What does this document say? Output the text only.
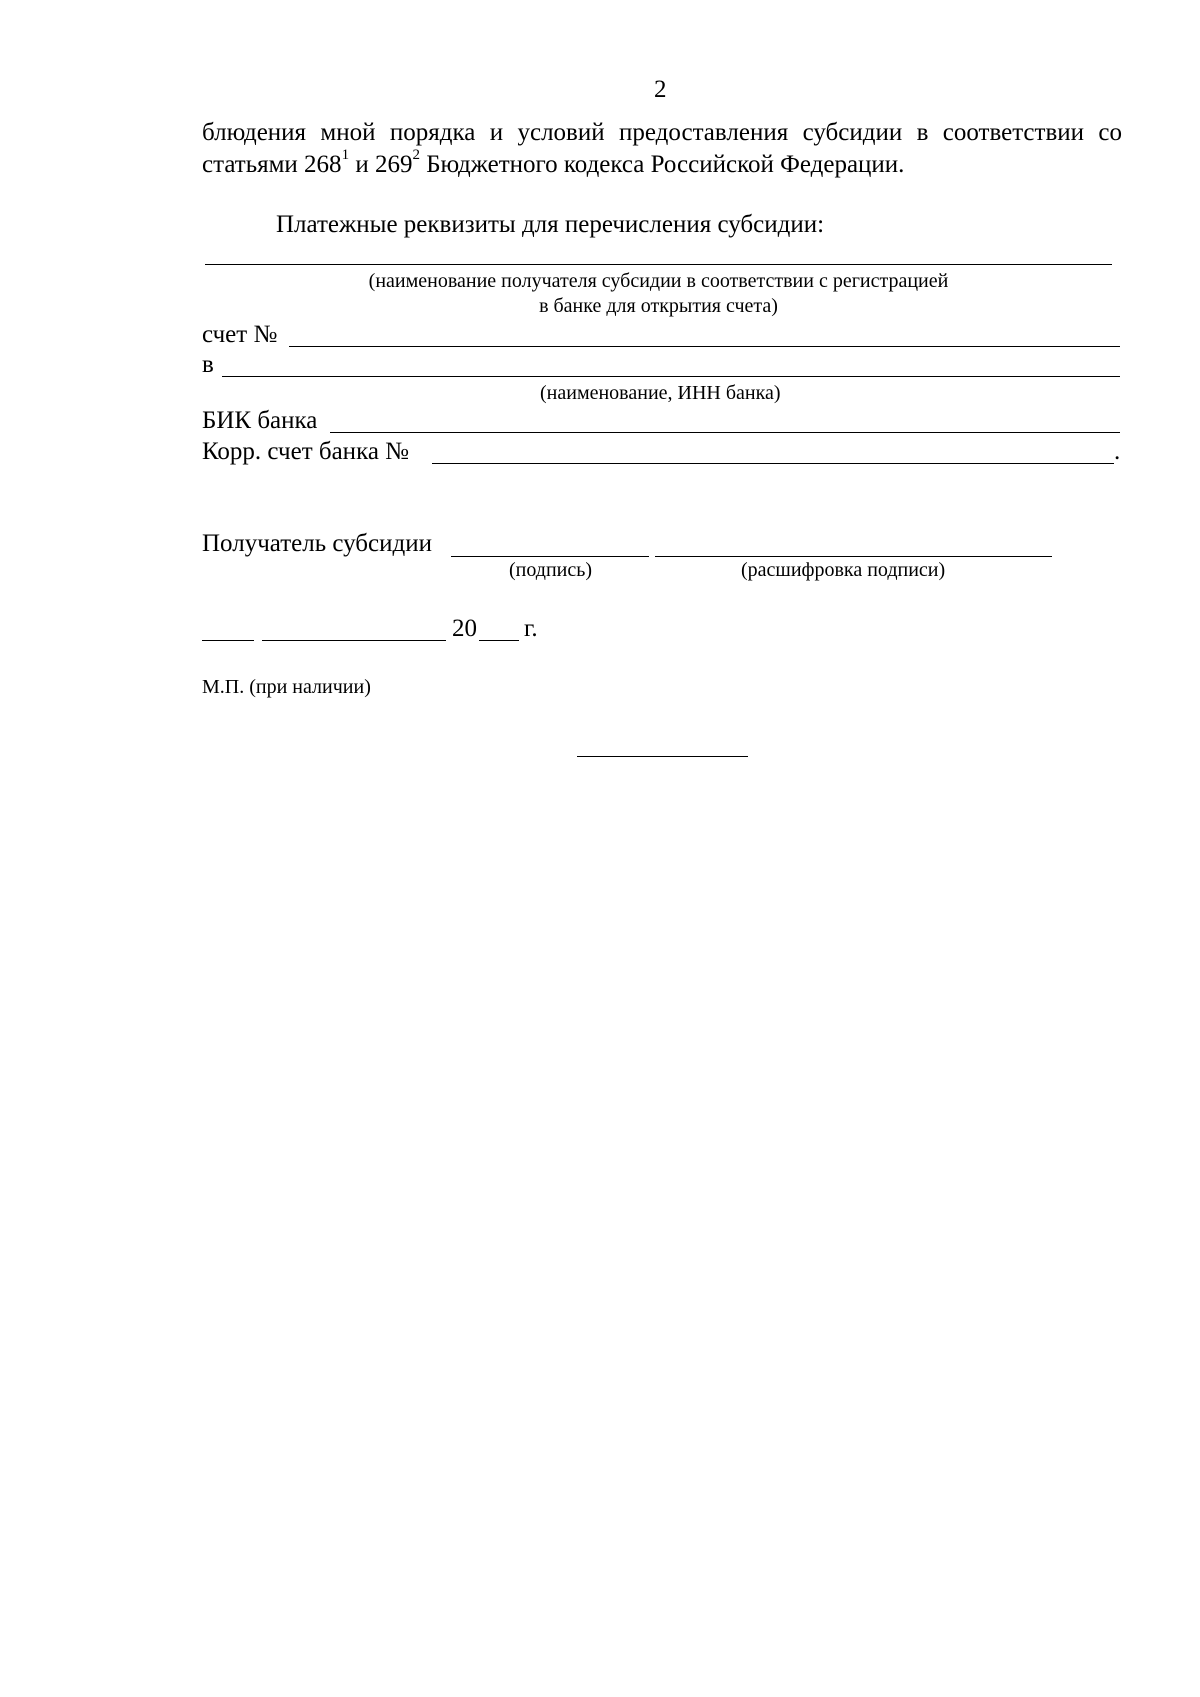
2
блюдения мной порядка и условий предоставления субсидии в соответствии со
статьями $268^1$ и $269^2$ Бюджетного кодекса Российской Федерации.
Платежные реквизиты для перечисления субсидии:
(наименование получателя субсидии в соответствии с регистрацией
в банке для открытия счета)
счет №
в
(наименование, ИНН банка)
БИК банка
Корр. счет банка №	.
Получатель субсидии
(подпись)	(расшифровка подписи)
20 г.
М.П. (при наличии)
